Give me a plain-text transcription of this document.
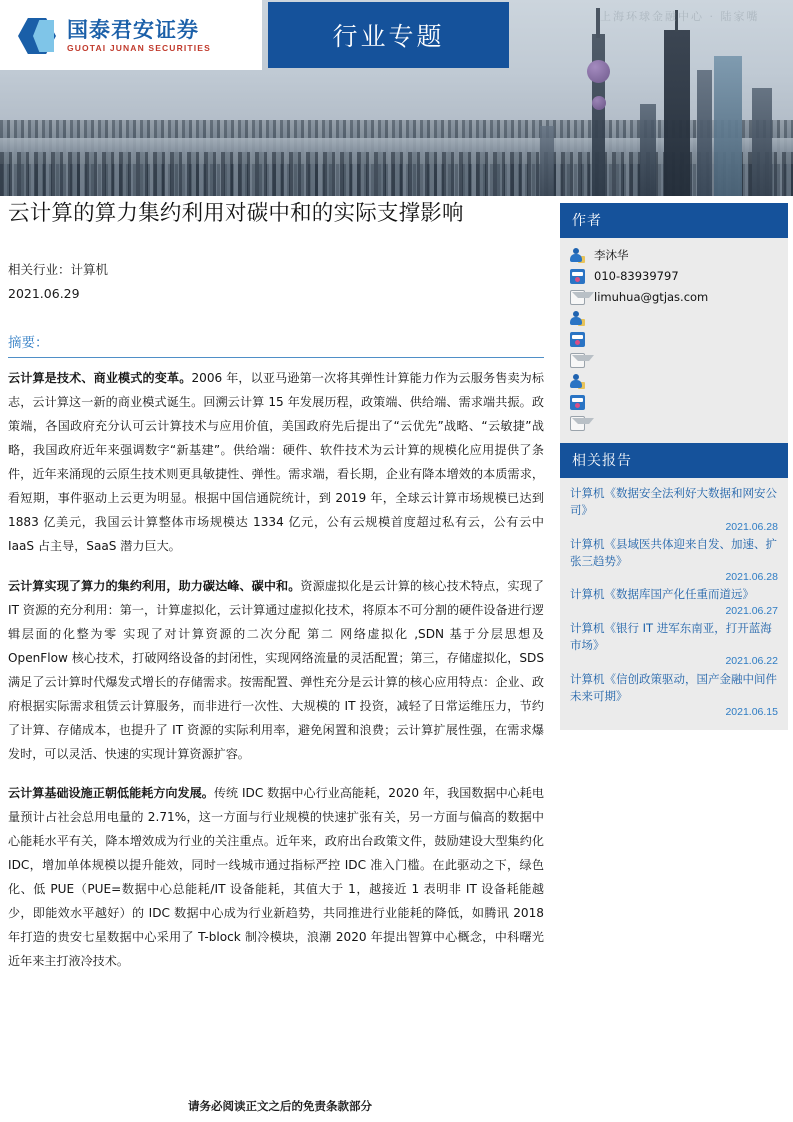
上海环球金融中心 · 陆家嘴
国泰君安证券
GUOTAI JUNAN SECURITIES	行业专题
云计算的算力集约利用对碳中和的实际支撑影响
相关行业：计算机
2021.06.29
摘要：

云计算是技术、商业模式的变革。2006 年，以亚马逊第一次将其弹性计算能力作为云服务售卖为标志，云计算这一新的商业模式诞生。回溯云计算 15 年发展历程，政策端、供给端、需求端共振。政策端，各国政府充分认可云计算技术与应用价值，美国政府先后提出了“云优先”战略、“云敏捷”战略，我国政府近年来强调数字“新基建”。供给端：硬件、软件技术为云计算的规模化应用提供了条件，近年来涌现的云原生技术则更具敏捷性、弹性。需求端，看长期，企业有降本增效的本质需求，看短期，事件驱动上云更为明显。根据中国信通院统计，到 2019 年，全球云计算市场规模已达到 1883 亿美元，我国云计算整体市场规模达 1334 亿元，公有云规模首度超过私有云，公有云中 IaaS 占主导，SaaS 潜力巨大。

云计算实现了算力的集约利用，助力碳达峰、碳中和。资源虚拟化是云计算的核心技术特点，实现了 IT 资源的充分利用：第一，计算虚拟化，云计算通过虚拟化技术，将原本不可分割的硬件设备进行逻辑层面的化整为零 实现了对计算资源的二次分配 第二 网络虚拟化 ,SDN 基于分层思想及 OpenFlow 核心技术，打破网络设备的封闭性，实现网络流量的灵活配置；第三，存储虚拟化，SDS 满足了云计算时代爆发式增长的存储需求。按需配置、弹性充分是云计算的核心应用特点：企业、政府根据实际需求租赁云计算服务，而非进行一次性、大规模的 IT 投资，减轻了日常运维压力，节约了计算、存储成本，也提升了 IT 资源的实际利用率，避免闲置和浪费；云计算扩展性强，在需求爆发时，可以灵活、快速的实现计算资源扩容。

云计算基础设施正朝低能耗方向发展。传统 IDC 数据中心行业高能耗，2020 年，我国数据中心耗电量预计占社会总用电量的 2.71%，这一方面与行业规模的快速扩张有关，另一方面与偏高的数据中心能耗水平有关，降本增效成为行业的关注重点。近年来，政府出台政策文件，鼓励建设大型集约化 IDC，增加单体规模以提升能效，同时一线城市通过指标严控 IDC 准入门槛。在此驱动之下，绿色化、低 PUE（PUE=数据中心总能耗/IT 设备能耗，其值大于 1，越接近 1 表明非 IT 设备耗能越少，即能效水平越好）的 IDC 数据中心成为行业新趋势，共同推进行业能耗的降低，如腾讯 2018 年打造的贵安七星数据中心采用了 T-block 制冷模块，浪潮 2020 年提出智算中心概念，中科曙光近年来主打液冷技术。

作者
李沐华
010-83939797
limuhua@gtjas.com
相关报告
计算机《数据安全法利好大数据和网安公司》
2021.06.28
计算机《县域医共体迎来自发、加速、扩张三趋势》
2021.06.28
计算机《数据库国产化任重而道远》
2021.06.27
计算机《银行 IT 进军东南亚，打开蓝海市场》
2021.06.22
计算机《信创政策驱动，国产金融中间件未来可期》
2021.06.15
请务必阅读正文之后的免责条款部分
